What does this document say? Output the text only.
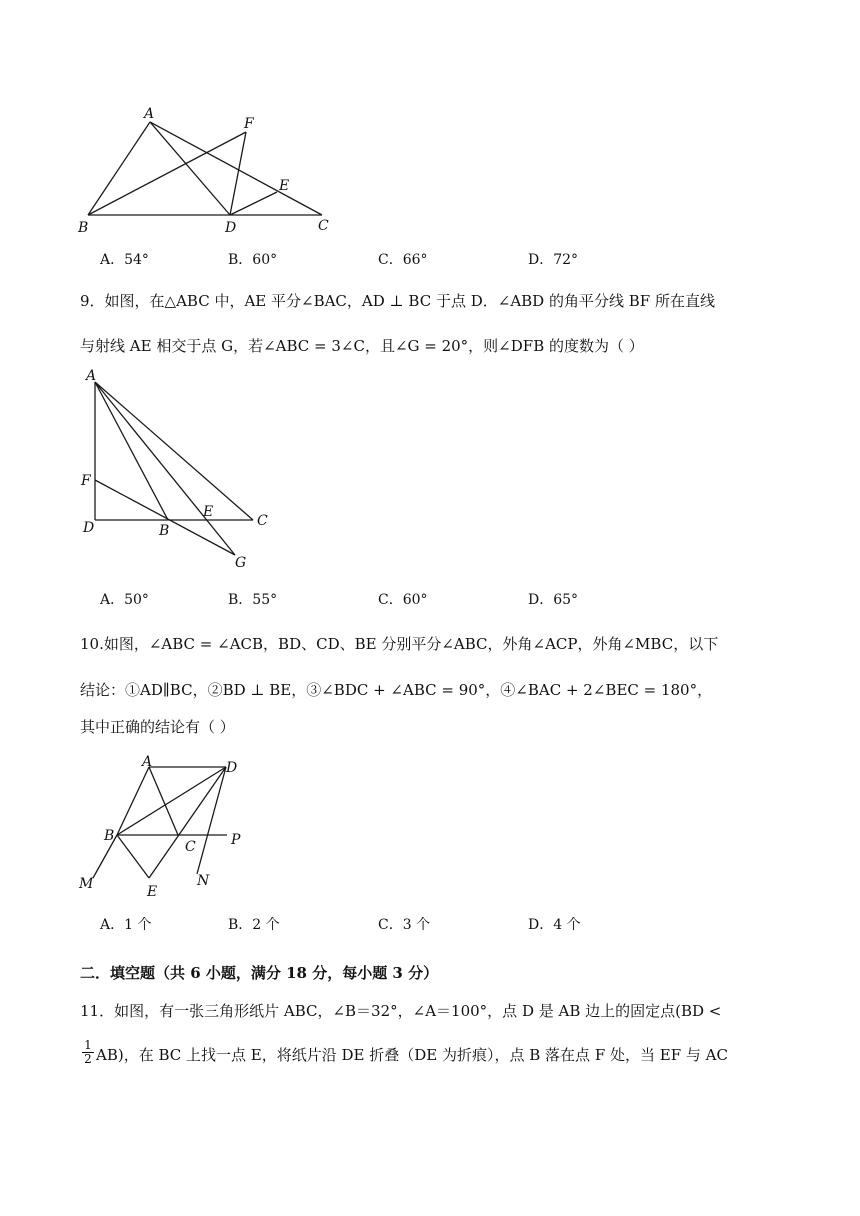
A
F
E
B	D	C
A．54°	B．60°	C．66°	D．72°
9．如图，在△ABC 中，AE 平分∠BAC，AD ⊥ BC 于点 D．∠ABD 的角平分线 BF 所在直线
与射线 AE 相交于点 G，若∠ABC = 3∠C，且∠G = 20°，则∠DFB 的度数为（ ）
A
F
D	B
E
C
G
A．50°	B．55°	C．60°	D．65°
10.如图，∠ABC = ∠ACB，BD、CD、BE 分别平分∠ABC，外角∠ACP，外角∠MBC，以下
结论：①AD∥BC，②BD ⊥ BE，③∠BDC + ∠ABC = 90°，④∠BAC + 2∠BEC = 180°，
其中正确的结论有（ ）
A	D
B
C	P
M	E
N
A．1 个	B．2 个	C．3 个	D．4 个
二．填空题（共 6 小题，满分 18 分，每小题 3 分）
11．如图，有一张三角形纸片 ABC，∠B＝32°，∠A＝100°，点 D 是 AB 边上的固定点(BD <
1
2 AB)，在 BC 上找一点 E，将纸片沿 DE 折叠（DE 为折痕），点 B 落在点 F 处，当 EF 与 AC
